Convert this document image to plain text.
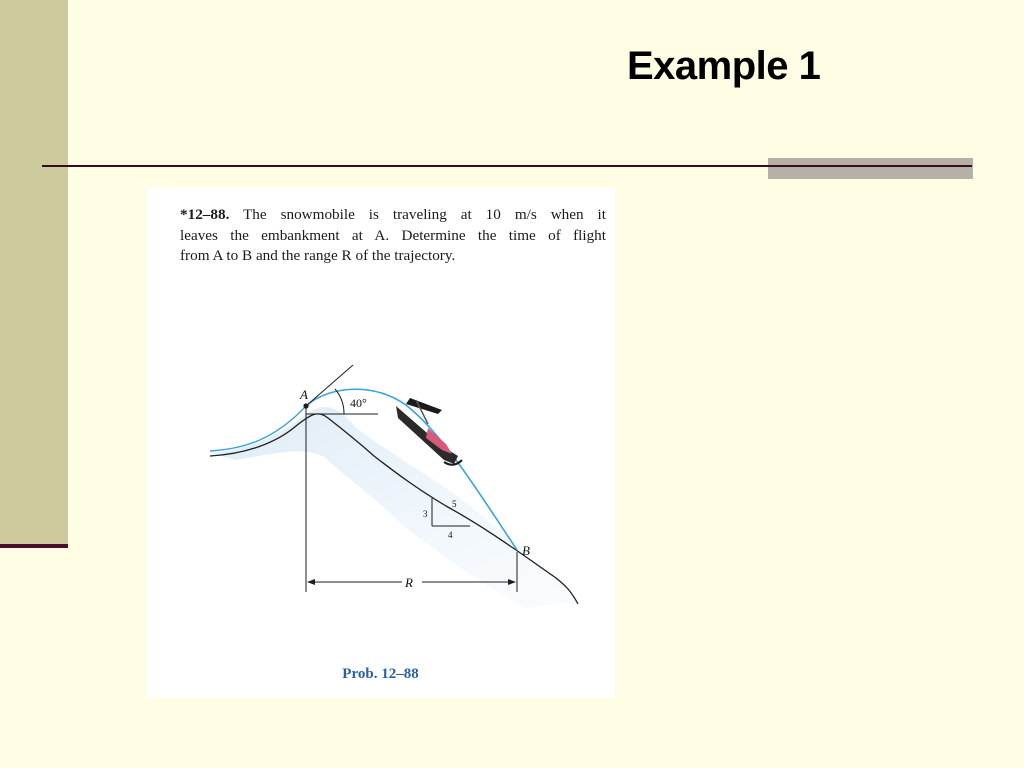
Example 1
*12–88. The snowmobile is traveling at 10 m/s when it
leaves the embankment at A. Determine the time of flight
from A to B and the range R of the trajectory.
A
B
40°
R
3
4
5
Prob. 12–88
